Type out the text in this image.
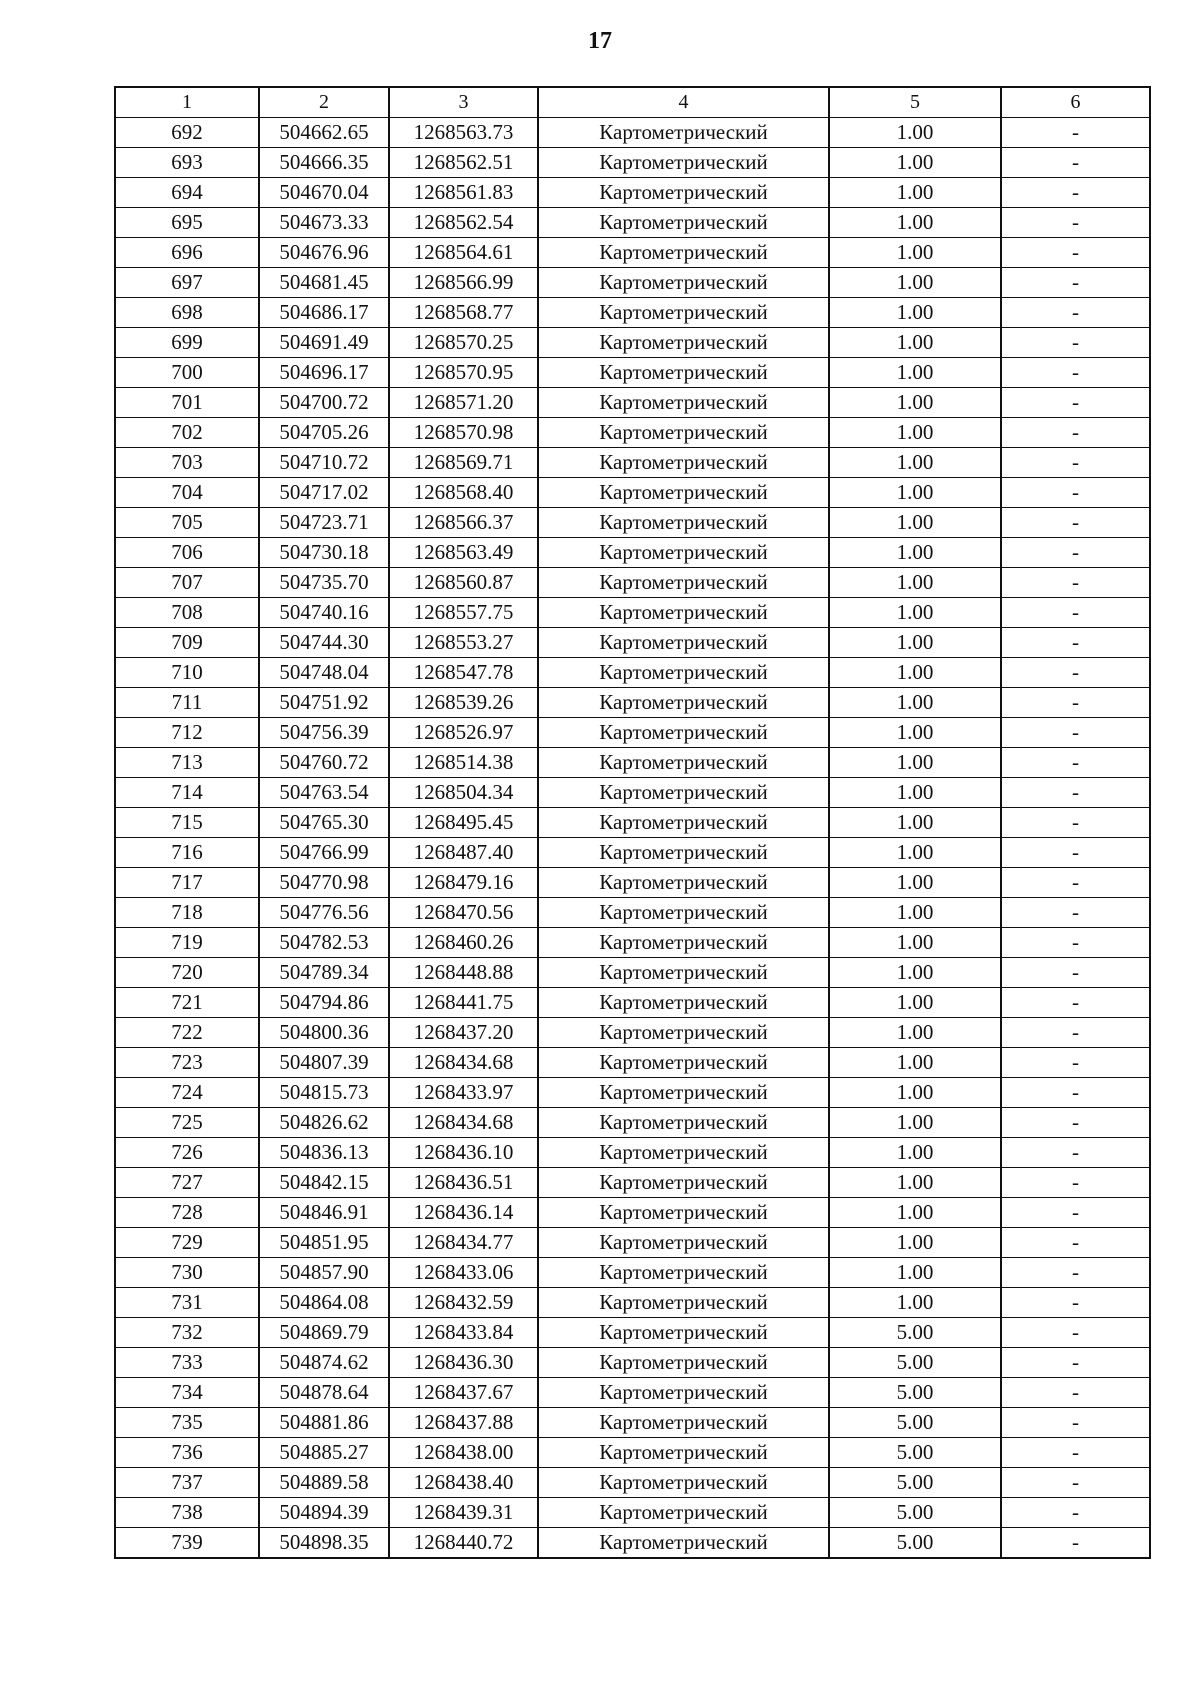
17
1	2	3	4	5	6
692	504662.65	1268563.73	Картометрический	1.00	-
693	504666.35	1268562.51	Картометрический	1.00	-
694	504670.04	1268561.83	Картометрический	1.00	-
695	504673.33	1268562.54	Картометрический	1.00	-
696	504676.96	1268564.61	Картометрический	1.00	-
697	504681.45	1268566.99	Картометрический	1.00	-
698	504686.17	1268568.77	Картометрический	1.00	-
699	504691.49	1268570.25	Картометрический	1.00	-
700	504696.17	1268570.95	Картометрический	1.00	-
701	504700.72	1268571.20	Картометрический	1.00	-
702	504705.26	1268570.98	Картометрический	1.00	-
703	504710.72	1268569.71	Картометрический	1.00	-
704	504717.02	1268568.40	Картометрический	1.00	-
705	504723.71	1268566.37	Картометрический	1.00	-
706	504730.18	1268563.49	Картометрический	1.00	-
707	504735.70	1268560.87	Картометрический	1.00	-
708	504740.16	1268557.75	Картометрический	1.00	-
709	504744.30	1268553.27	Картометрический	1.00	-
710	504748.04	1268547.78	Картометрический	1.00	-
711	504751.92	1268539.26	Картометрический	1.00	-
712	504756.39	1268526.97	Картометрический	1.00	-
713	504760.72	1268514.38	Картометрический	1.00	-
714	504763.54	1268504.34	Картометрический	1.00	-
715	504765.30	1268495.45	Картометрический	1.00	-
716	504766.99	1268487.40	Картометрический	1.00	-
717	504770.98	1268479.16	Картометрический	1.00	-
718	504776.56	1268470.56	Картометрический	1.00	-
719	504782.53	1268460.26	Картометрический	1.00	-
720	504789.34	1268448.88	Картометрический	1.00	-
721	504794.86	1268441.75	Картометрический	1.00	-
722	504800.36	1268437.20	Картометрический	1.00	-
723	504807.39	1268434.68	Картометрический	1.00	-
724	504815.73	1268433.97	Картометрический	1.00	-
725	504826.62	1268434.68	Картометрический	1.00	-
726	504836.13	1268436.10	Картометрический	1.00	-
727	504842.15	1268436.51	Картометрический	1.00	-
728	504846.91	1268436.14	Картометрический	1.00	-
729	504851.95	1268434.77	Картометрический	1.00	-
730	504857.90	1268433.06	Картометрический	1.00	-
731	504864.08	1268432.59	Картометрический	1.00	-
732	504869.79	1268433.84	Картометрический	5.00	-
733	504874.62	1268436.30	Картометрический	5.00	-
734	504878.64	1268437.67	Картометрический	5.00	-
735	504881.86	1268437.88	Картометрический	5.00	-
736	504885.27	1268438.00	Картометрический	5.00	-
737	504889.58	1268438.40	Картометрический	5.00	-
738	504894.39	1268439.31	Картометрический	5.00	-
739	504898.35	1268440.72	Картометрический	5.00	-
